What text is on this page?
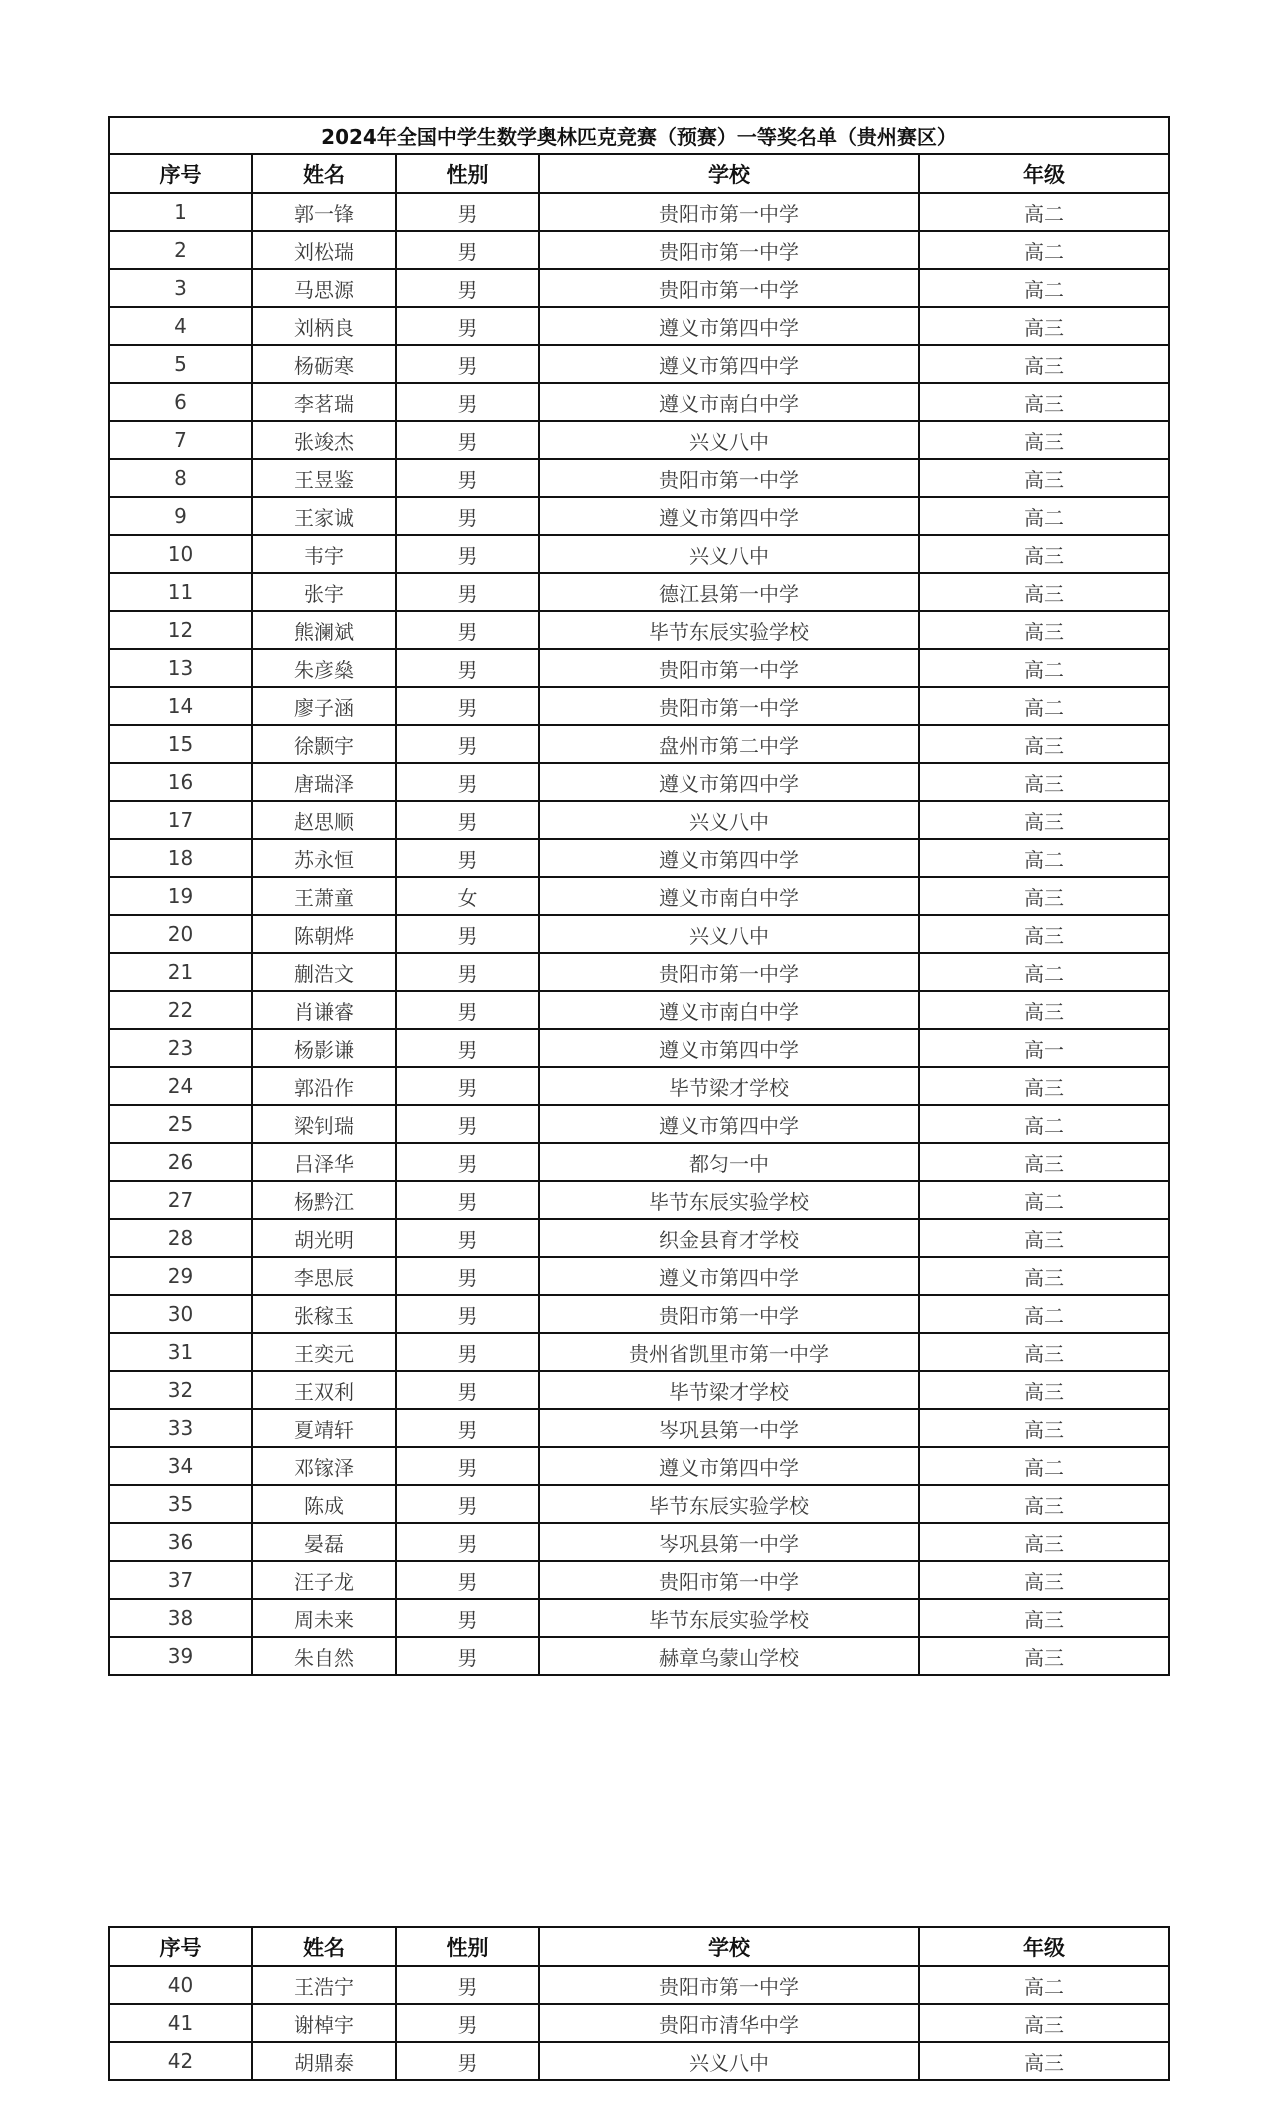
2024年全国中学生数学奥林匹克竞赛（预赛）一等奖名单（贵州赛区）				
序号	姓名	性别	学校	年级
1	郭一锋	男	贵阳市第一中学	高二
2	刘松瑞	男	贵阳市第一中学	高二
3	马思源	男	贵阳市第一中学	高二
4	刘柄良	男	遵义市第四中学	高三
5	杨砺寒	男	遵义市第四中学	高三
6	李茗瑞	男	遵义市南白中学	高三
7	张竣杰	男	兴义八中	高三
8	王昱鉴	男	贵阳市第一中学	高三
9	王家诚	男	遵义市第四中学	高二
10	韦宇	男	兴义八中	高三
11	张宇	男	德江县第一中学	高三
12	熊澜斌	男	毕节东辰实验学校	高三
13	朱彦燊	男	贵阳市第一中学	高二
14	廖子涵	男	贵阳市第一中学	高二
15	徐颢宇	男	盘州市第二中学	高三
16	唐瑞泽	男	遵义市第四中学	高三
17	赵思顺	男	兴义八中	高三
18	苏永恒	男	遵义市第四中学	高二
19	王萧童	女	遵义市南白中学	高三
20	陈朝烨	男	兴义八中	高三
21	蒯浩文	男	贵阳市第一中学	高二
22	肖谦睿	男	遵义市南白中学	高三
23	杨影谦	男	遵义市第四中学	高一
24	郭沿作	男	毕节梁才学校	高三
25	梁钊瑞	男	遵义市第四中学	高二
26	吕泽华	男	都匀一中	高三
27	杨黔江	男	毕节东辰实验学校	高二
28	胡光明	男	织金县育才学校	高三
29	李思辰	男	遵义市第四中学	高三
30	张稼玉	男	贵阳市第一中学	高二
31	王奕元	男	贵州省凯里市第一中学	高三
32	王双利	男	毕节梁才学校	高三
33	夏靖轩	男	岑巩县第一中学	高三
34	邓镓泽	男	遵义市第四中学	高二
35	陈成	男	毕节东辰实验学校	高三
36	晏磊	男	岑巩县第一中学	高三
37	汪子龙	男	贵阳市第一中学	高三
38	周未来	男	毕节东辰实验学校	高三
39	朱自然	男	赫章乌蒙山学校	高三
序号	姓名	性别	学校	年级
40	王浩宁	男	贵阳市第一中学	高二
41	谢棹宇	男	贵阳市清华中学	高三
42	胡鼎泰	男	兴义八中	高三
